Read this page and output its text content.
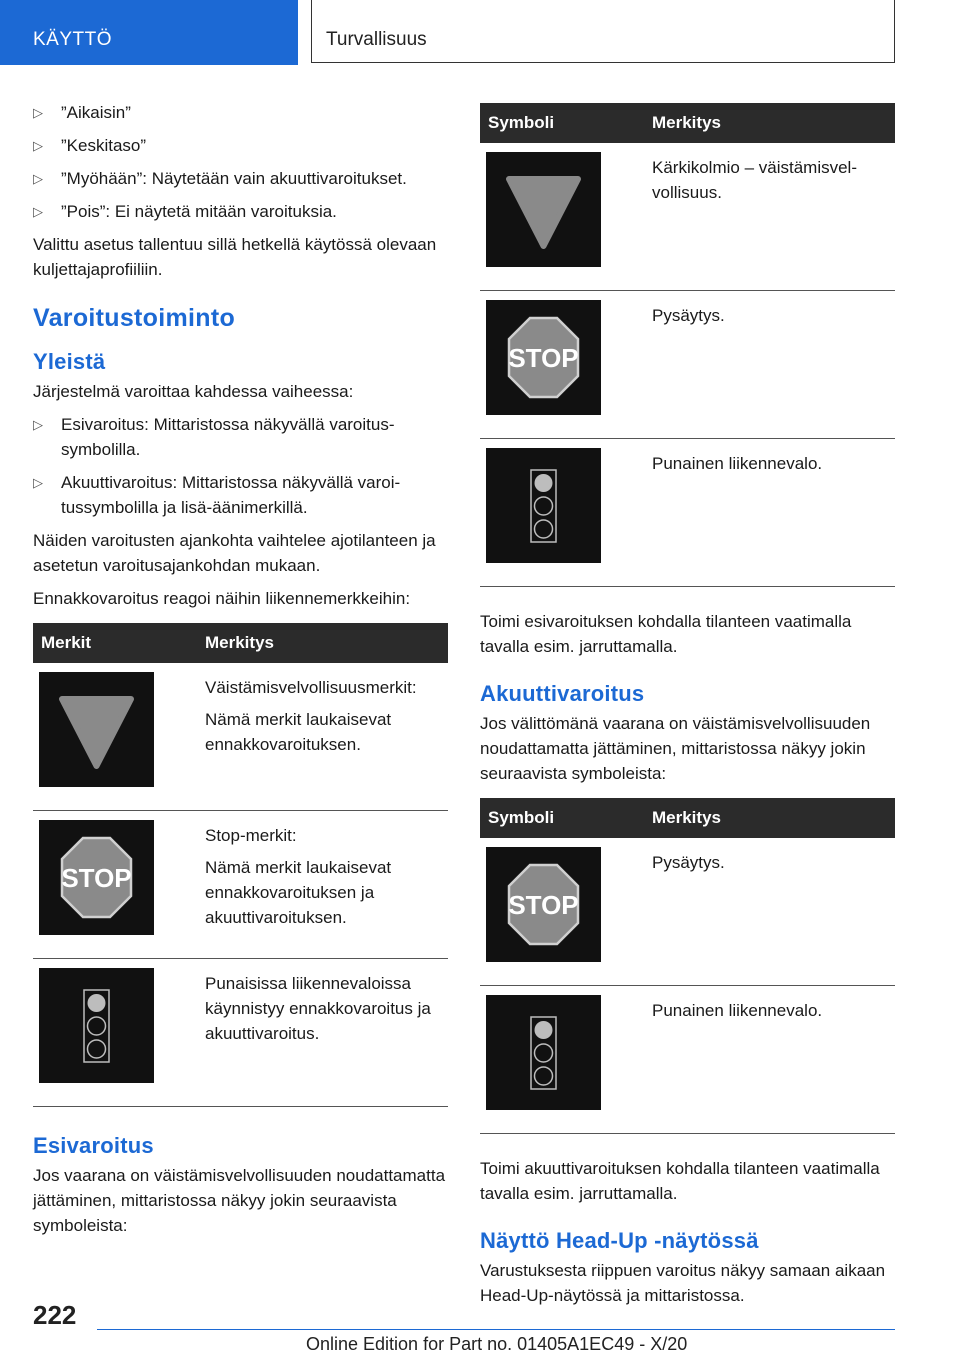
KÄYTTÖ	Turvallisuus
▷ ”Aikaisin”
▷ ”Keskitaso”
▷ ”Myöhään”: Näytetään vain akuuttivaroitukset.
▷ ”Pois”: Ei näytetä mitään varoituksia.

Valittu asetus tallentuu sillä hetkellä käytössä olevaan kuljettajaprofiiliin.

Varoitustoiminto
Yleistä

Järjestelmä varoittaa kahdessa vaiheessa:

▷ Esivaroitus: Mittaristossa näkyvällä varoitussymbolilla.
▷ Akuuttivaroitus: Mittaristossa näkyvällä varoitussymbolilla ja lisä-äänimerkillä.

Näiden varoitusten ajankohta vaihtelee ajotilanteen ja asetetun varoitusajankohdan mukaan.

Ennakkovaroitus reagoi näihin liikennemerkkeihin:

Merkit	Merkitys

Väistämisvelvollisuusmerkit:
Nämä merkit laukaisevat ennakkovaroituksen.

STOP	Stop-merkit:
Nämä merkit laukaisevat ennakkovaroituksen ja akuuttivaroituksen.

Punaisissa liikennevaloissa käynnistyy ennakkovaroitus ja akuuttivaroitus.
Esivaroitus

Jos vaarana on väistämisvelvollisuuden noudattamatta jättäminen, mittaristossa näkyy jokin seuraavista symboleista:

Symboli	Merkitys

Kärkikolmio – väistämisvelvollisuus.

STOP	Pysäytys.

Punainen liikennevalo.

Toimi esivaroituksen kohdalla tilanteen vaatimalla tavalla esim. jarruttamalla.

Akuuttivaroitus

Jos välittömänä vaarana on väistämisvelvollisuuden noudattamatta jättäminen, mittaristossa näkyy jokin seuraavista symboleista:

Symboli	Merkitys

STOP	Pysäytys.

Punainen liikennevalo.

Toimi akuuttivaroituksen kohdalla tilanteen vaatimalla tavalla esim. jarruttamalla.

Näyttö Head-Up -näytössä

Varustuksesta riippuen varoitus näkyy samaan aikaan Head-Up-näytössä ja mittaristossa.

222
Online Edition for Part no. 01405A1EC49 - X/20
